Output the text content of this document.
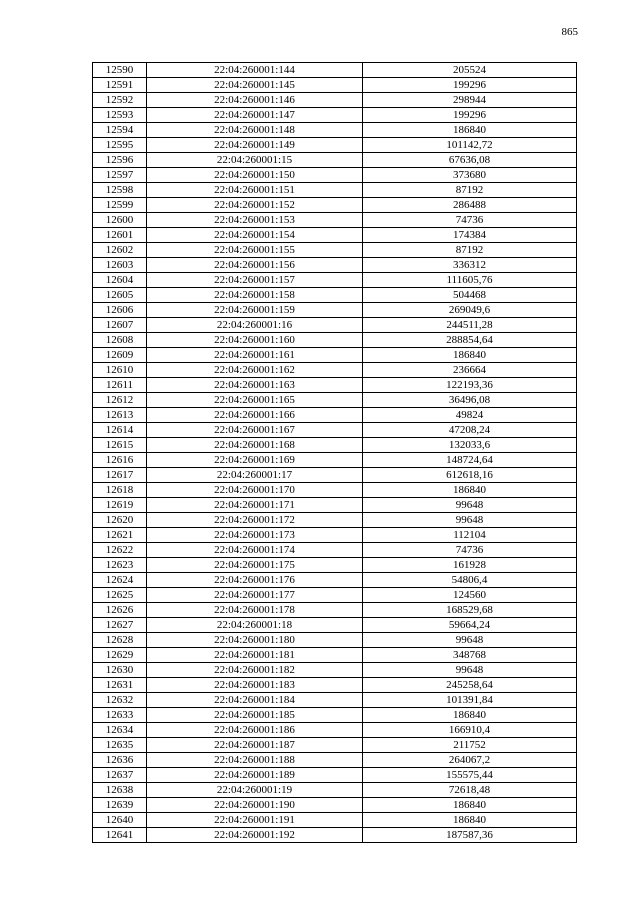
865
12590	22:04:260001:144	205524
12591	22:04:260001:145	199296
12592	22:04:260001:146	298944
12593	22:04:260001:147	199296
12594	22:04:260001:148	186840
12595	22:04:260001:149	101142,72
12596	22:04:260001:15	67636,08
12597	22:04:260001:150	373680
12598	22:04:260001:151	87192
12599	22:04:260001:152	286488
12600	22:04:260001:153	74736
12601	22:04:260001:154	174384
12602	22:04:260001:155	87192
12603	22:04:260001:156	336312
12604	22:04:260001:157	111605,76
12605	22:04:260001:158	504468
12606	22:04:260001:159	269049,6
12607	22:04:260001:16	244511,28
12608	22:04:260001:160	288854,64
12609	22:04:260001:161	186840
12610	22:04:260001:162	236664
12611	22:04:260001:163	122193,36
12612	22:04:260001:165	36496,08
12613	22:04:260001:166	49824
12614	22:04:260001:167	47208,24
12615	22:04:260001:168	132033,6
12616	22:04:260001:169	148724,64
12617	22:04:260001:17	612618,16
12618	22:04:260001:170	186840
12619	22:04:260001:171	99648
12620	22:04:260001:172	99648
12621	22:04:260001:173	112104
12622	22:04:260001:174	74736
12623	22:04:260001:175	161928
12624	22:04:260001:176	54806,4
12625	22:04:260001:177	124560
12626	22:04:260001:178	168529,68
12627	22:04:260001:18	59664,24
12628	22:04:260001:180	99648
12629	22:04:260001:181	348768
12630	22:04:260001:182	99648
12631	22:04:260001:183	245258,64
12632	22:04:260001:184	101391,84
12633	22:04:260001:185	186840
12634	22:04:260001:186	166910,4
12635	22:04:260001:187	211752
12636	22:04:260001:188	264067,2
12637	22:04:260001:189	155575,44
12638	22:04:260001:19	72618,48
12639	22:04:260001:190	186840
12640	22:04:260001:191	186840
12641	22:04:260001:192	187587,36
